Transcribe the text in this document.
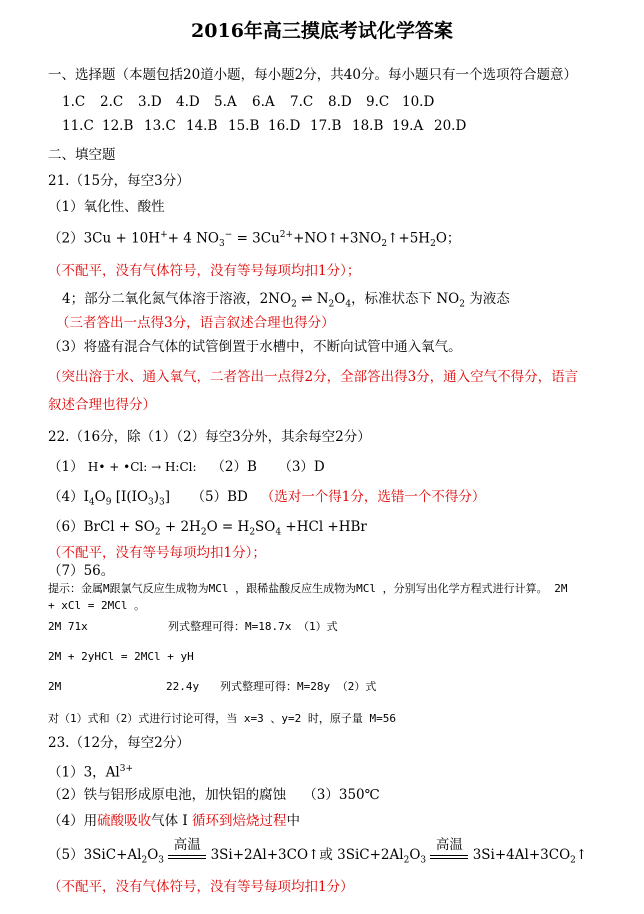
2016年高三摸底考试化学答案
一、选择题（本题包括20道小题，每小题2分，共40分。每小题只有一个选项符合题意）
1.C	2.C	3.D	4.D	5.A	6.A	7.C	8.D	9.C 10.D
11.C 12.B 13.C 14.B 15.B 16.D 17.B 18.B 19.A 20.D
二、填空题
21.（15分，每空3分）
（1）氧化性、酸性
（2）3Cu + 10H++ 4 $NO_3^-$ = $3Cu^{2+}+NO↑+3NO_2↑+5H_2O$；
（不配平，没有气体符号，没有等号每项均扣1分）；
4；部分二氧化氮气体溶于溶液，$2NO_2$ ⇌ $N_2O_4$，标准状态下 $NO_2$ 为液态
（三者答出一点得3分，语言叙述合理也得分）
（3）将盛有混合气体的试管倒置于水槽中，不断向试管中通入氧气。
（突出溶于水、通入氧气，二者答出一点得2分，全部答出得3分，通入空气不得分，语言
叙述合理也得分）
22.（16分，除（1）（2）每空3分外，其余每空2分）
（1） H• + •Cl: → H:Cl: （2）B （3）D
$(4)I_4O_9$ $[I(IO_3)_3]$ （5）BD （选对一个得1分，选错一个不得分）
（6）BrCl + $SO_2 + 2H_2O = H_2SO_4 +HCl +HBr$
（不配平，没有等号每项均扣1分）；
（7）56。
提示：金属M跟氯气反应生成物为MCl ，跟稀盐酸反应生成物为MCl ，分别写出化学方程式进行计算。 2M
+ xCl = 2MCl 。
2M 71x	列式整理可得：M=18.7x （1）式
2M + 2yHCl = 2MCl + yH
2M	22.4y 列式整理可得：M=28y （2）式
对（1）式和（2）式进行讨论可得，当 x=3 、y=2 时，原子量 M=56
23.（12分，每空2分）
（1）3，$Al^{3+}$
（2）铁与铝形成原电池，加快铝的腐蚀 （3）350℃
（4）用硫酸吸收气体 I 循环到焙烧过程中
$(5)3SiC+Al_2O_3$
高温
3Si+2Al+3CO↑或 $3SiC+2Al_2O_3$
高温
$3Si+4Al+3CO_2↑$
（不配平，没有气体符号，没有等号每项均扣1分）
